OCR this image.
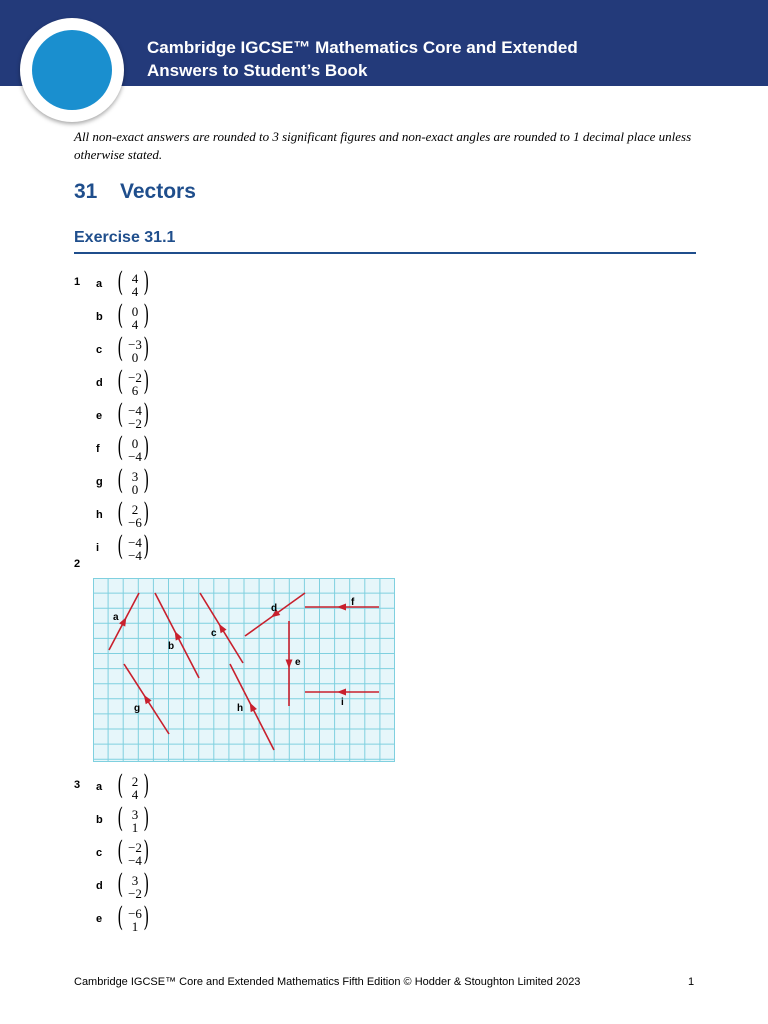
Cambridge IGCSE™ Mathematics Core and Extended
Answers to Student’s Book

All non-exact answers are rounded to 3 significant figures and non-exact angles are rounded to 1 decimal place unless otherwise stated.

31 Vectors
Exercise 31.1
1 a ( 4
4 )
b ( 0
4 )
c ( −3
0 )
d ( −2
6 )
e ( −4
−2 )
f ( 0
−4 )
g ( 3
0 )
h ( 2
−6 )
i ( −4
−4 )
3 a ( 2
4 )
b ( 3
1 )
c ( −2
−4 )
d ( 3
−2 )
e ( −6
1 )
2
a
b
c
d
e
f
g	h
i

Cambridge IGCSE™ Core and Extended Mathematics Fifth Edition © Hodder & Stoughton Limited 2023	1
